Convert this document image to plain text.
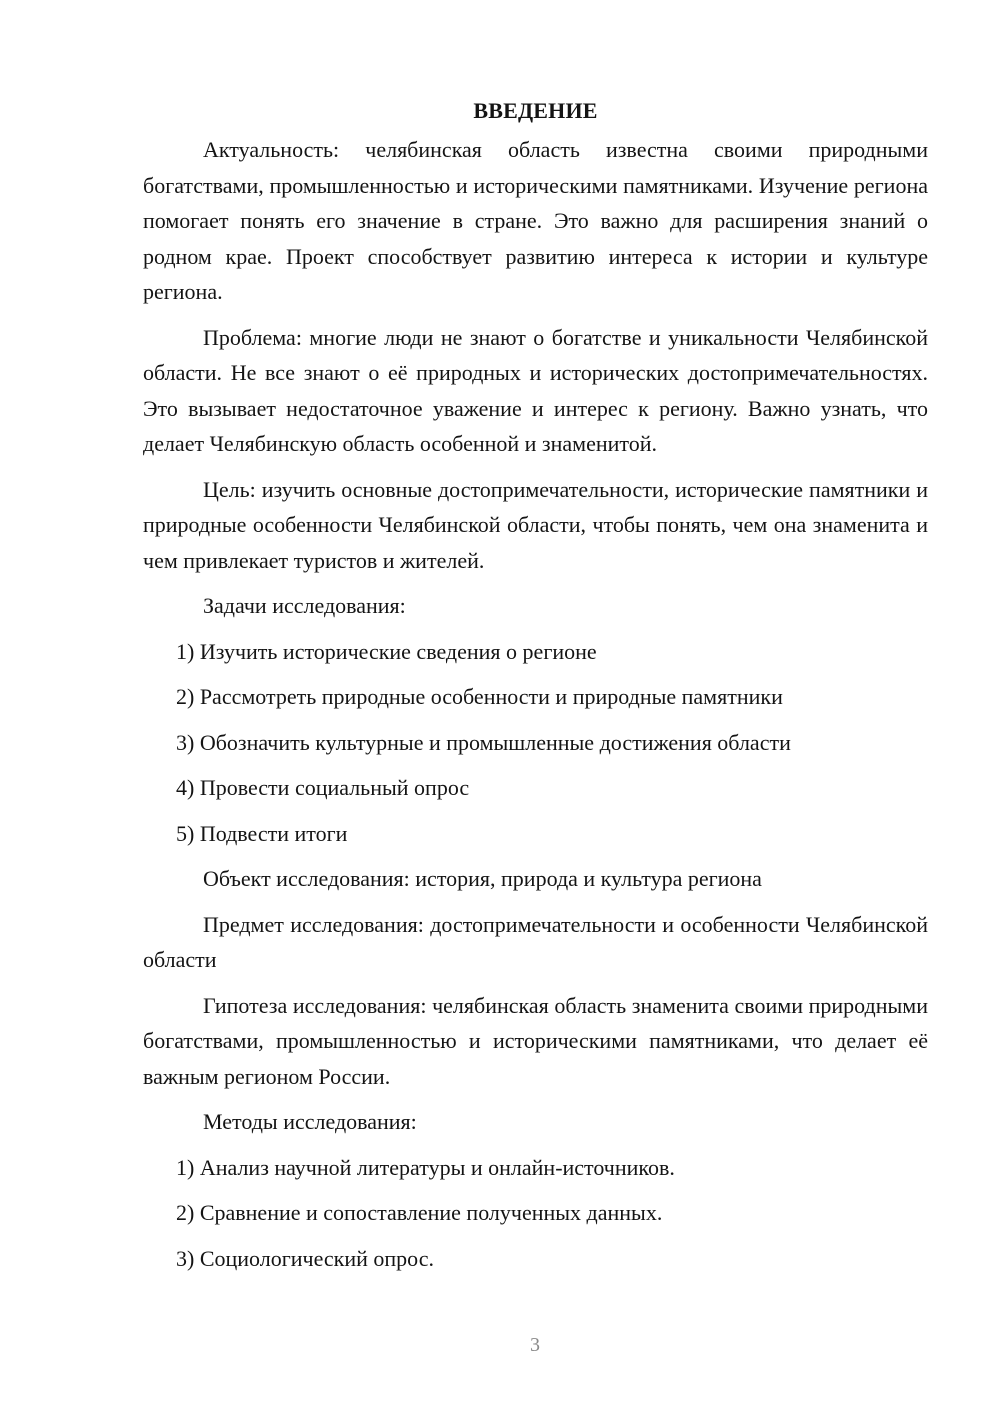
ВВЕДЕНИЕ

Актуальность: челябинская область известна своими природными богатствами, промышленностью и историческими памятниками. Изучение региона помогает понять его значение в стране. Это важно для расширения знаний о родном крае. Проект способствует развитию интереса к истории и культуре региона.

Проблема: многие люди не знают о богатстве и уникальности Челябинской области. Не все знают о её природных и исторических достопримечательностях. Это вызывает недостаточное уважение и интерес к региону. Важно узнать, что делает Челябинскую область особенной и знаменитой.

Цель: изучить основные достопримечательности, исторические памятники и природные особенности Челябинской области, чтобы понять, чем она знаменита и чем привлекает туристов и жителей.

Задачи исследования:

1) Изучить исторические сведения о регионе

2) Рассмотреть природные особенности и природные памятники

3) Обозначить культурные и промышленные достижения области

4) Провести социальный опрос

5) Подвести итоги

Объект исследования: история, природа и культура региона

Предмет исследования: достопримечательности и особенности Челябинской области

Гипотеза исследования: челябинская область знаменита своими природными богатствами, промышленностью и историческими памятниками, что делает её важным регионом России.

Методы исследования:

1) Анализ научной литературы и онлайн-источников.

2) Сравнение и сопоставление полученных данных.

3) Социологический опрос.

3
